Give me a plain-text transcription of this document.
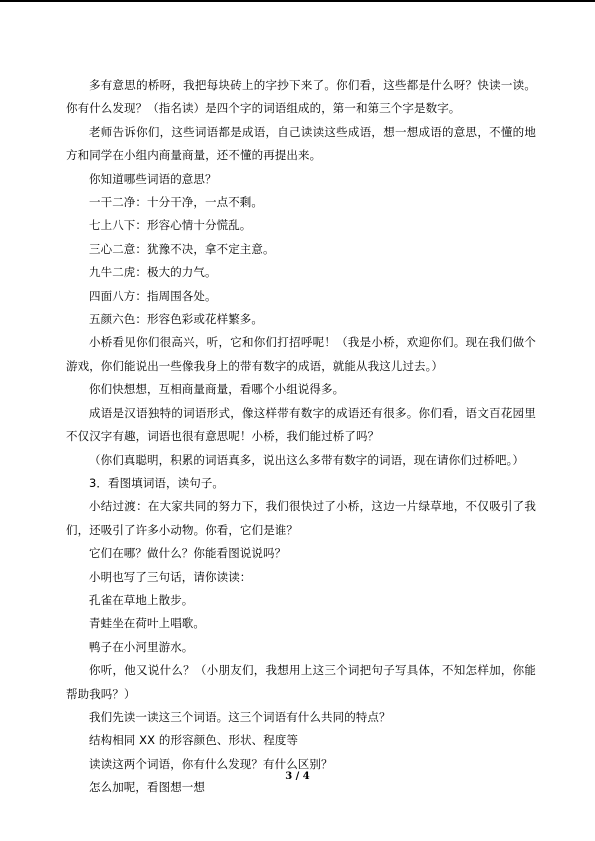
多有意思的桥呀，我把每块砖上的字抄下来了。你们看，这些都是什么呀？快读一读。你有什么发现？（指名读）是四个字的词语组成的，第一和第三个字是数字。

老师告诉你们，这些词语都是成语，自己读读这些成语，想一想成语的意思，不懂的地方和同学在小组内商量商量，还不懂的再提出来。

你知道哪些词语的意思？

一干二净：十分干净，一点不剩。

七上八下：形容心情十分慌乱。

三心二意：犹豫不决，拿不定主意。

九牛二虎：极大的力气。

四面八方：指周围各处。

五颜六色：形容色彩或花样繁多。

小桥看见你们很高兴，听，它和你们打招呼呢！（我是小桥，欢迎你们。现在我们做个游戏，你们能说出一些像我身上的带有数字的成语，就能从我这儿过去。）

你们快想想，互相商量商量，看哪个小组说得多。

成语是汉语独特的词语形式，像这样带有数字的成语还有很多。你们看，语文百花园里不仅汉字有趣，词语也很有意思呢！小桥，我们能过桥了吗？

（你们真聪明，积累的词语真多，说出这么多带有数字的词语，现在请你们过桥吧。）

3．看图填词语，读句子。

小结过渡：在大家共同的努力下，我们很快过了小桥，这边一片绿草地，不仅吸引了我们，还吸引了许多小动物。你看，它们是谁？

它们在哪？做什么？你能看图说说吗？

小明也写了三句话，请你读读：

孔雀在草地上散步。

青蛙坐在荷叶上唱歌。

鸭子在小河里游水。

你听，他又说什么？（小朋友们，我想用上这三个词把句子写具体，不知怎样加，你能帮助我吗？）

我们先读一读这三个词语。这三个词语有什么共同的特点？

结构相同 XX 的形容颜色、形状、程度等

读读这两个词语，你有什么发现？有什么区别？

怎么加呢，看图想一想

3 / 4
